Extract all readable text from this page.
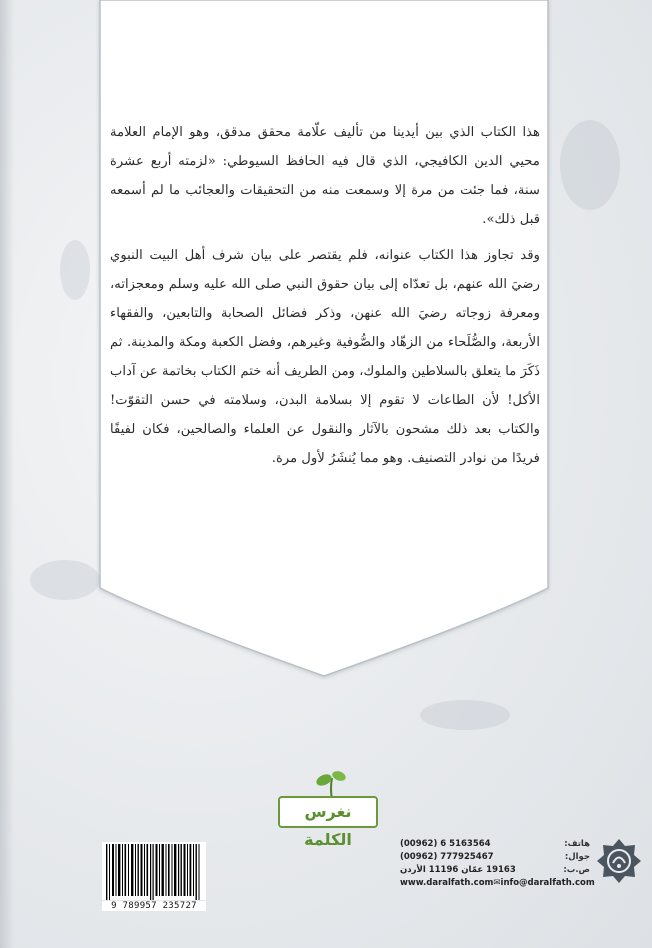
هذا الكتاب الذي بين أيدينا من تأليف علّامة محقق مدقق، وهو الإمام العلامة محيي الدين الكافيجي، الذي قال فيه الحافظ السيوطي: «لزمته أربع عشرة سنة، فما جئت من مرة إلا وسمعت منه من التحقيقات والعجائب ما لم أسمعه قبل ذلك».

وقد تجاوز هذا الكتاب عنوانه، فلم يقتصر على بيان شرف أهل البيت النبوي رضيَ الله عنهم، بل تعدّاه إلى بيان حقوق النبي صلى الله عليه وسلم ومعجزاته، ومعرفة زوجاته رضيَ الله عنهن، وذكر فضائل الصحابة والتابعين، والفقهاء الأربعة، والصُّلَحاء من الزهّاد والصُّوفية وغيرهم، وفضل الكعبة ومكة والمدينة. ثم ذَكَرَ ما يتعلق بالسلاطين والملوك، ومن الطريف أنه ختم الكتاب بخاتمة عن آداب الأكل! لأن الطاعات لا تقوم إلا بسلامة البدن، وسلامته في حسن التقوّت! والكتاب بعد ذلك مشحون بالآثار والنقول عن العلماء والصالحين، فكان لفيفًا فريدًا من نوادر التصنيف. وهو مما يُنشَرُ لأول مرة.

نغرس الكلمة
9 789957 235727
(00962) 6 5163564	هاتف:
(00962) 777925467	جوال:
19163 عمّان 11196 الأردن	ص.ب:
www.daralfath.com ✉ info@daralfath.com
